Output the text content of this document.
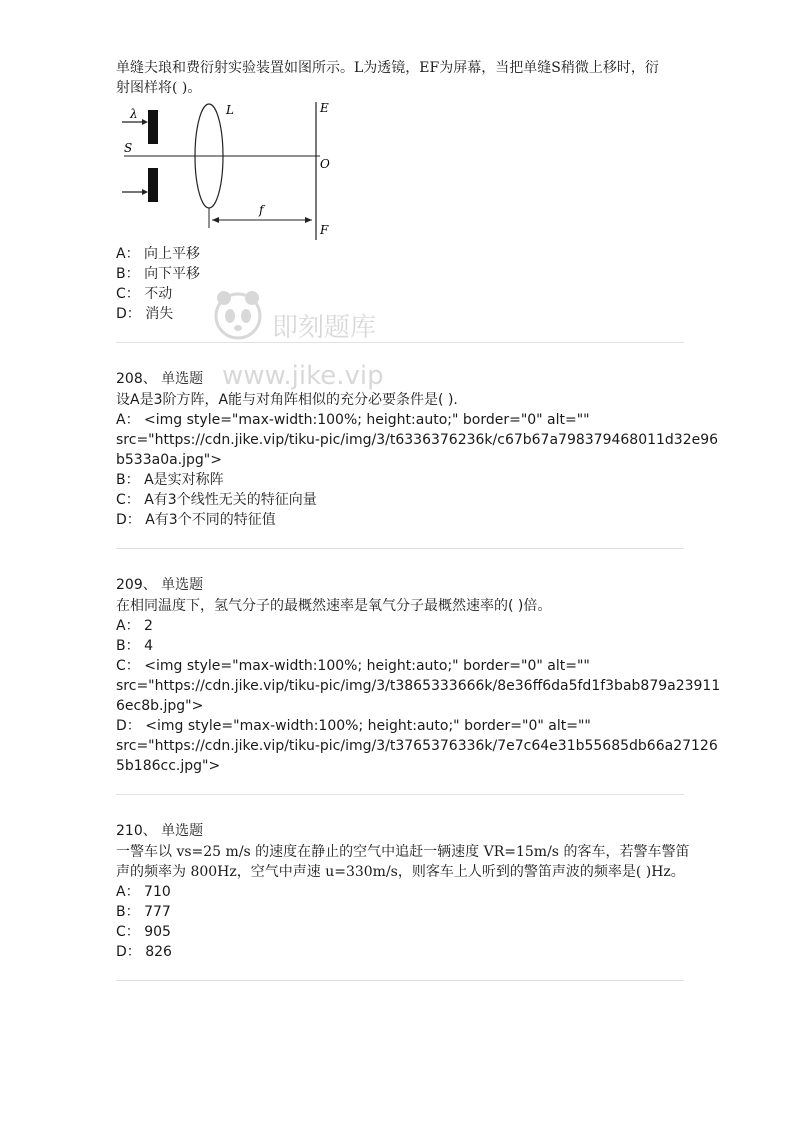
即刻题库
www.jike.vip
单缝夫琅和费衍射实验装置如图所示。L为透镜，EF为屏幕，当把单缝S稍微上移时，衍
射图样将( )。
λ
S
L	E
O
F
f
A： 向上平移
B： 向下平移
C： 不动
D： 消失
208、 单选题
设A是3阶方阵，A能与对角阵相似的充分必要条件是( ).
A： <img style="max-width:100%; height:auto;" border="0" alt=""
src="https://cdn.jike.vip/tiku-pic/img/3/t6336376236k/c67b67a798379468011d32e96
b533a0a.jpg">
B： A是实对称阵
C： A有3个线性无关的特征向量
D： A有3个不同的特征值
209、 单选题
在相同温度下，氢气分子的最概然速率是氧气分子最概然速率的( )倍。
A： 2
B： 4
C： <img style="max-width:100%; height:auto;" border="0" alt=""
src="https://cdn.jike.vip/tiku-pic/img/3/t3865333666k/8e36ff6da5fd1f3bab879a23911
6ec8b.jpg">
D： <img style="max-width:100%; height:auto;" border="0" alt=""
src="https://cdn.jike.vip/tiku-pic/img/3/t3765376336k/7e7c64e31b55685db66a27126
5b186cc.jpg">
210、 单选题
一警车以 vs=25 m/s 的速度在静止的空气中追赶一辆速度 VR=15m/s 的客车，若警车警笛
声的频率为 800Hz，空气中声速 u=330m/s，则客车上人听到的警笛声波的频率是( )Hz。
A： 710
B： 777
C： 905
D： 826
